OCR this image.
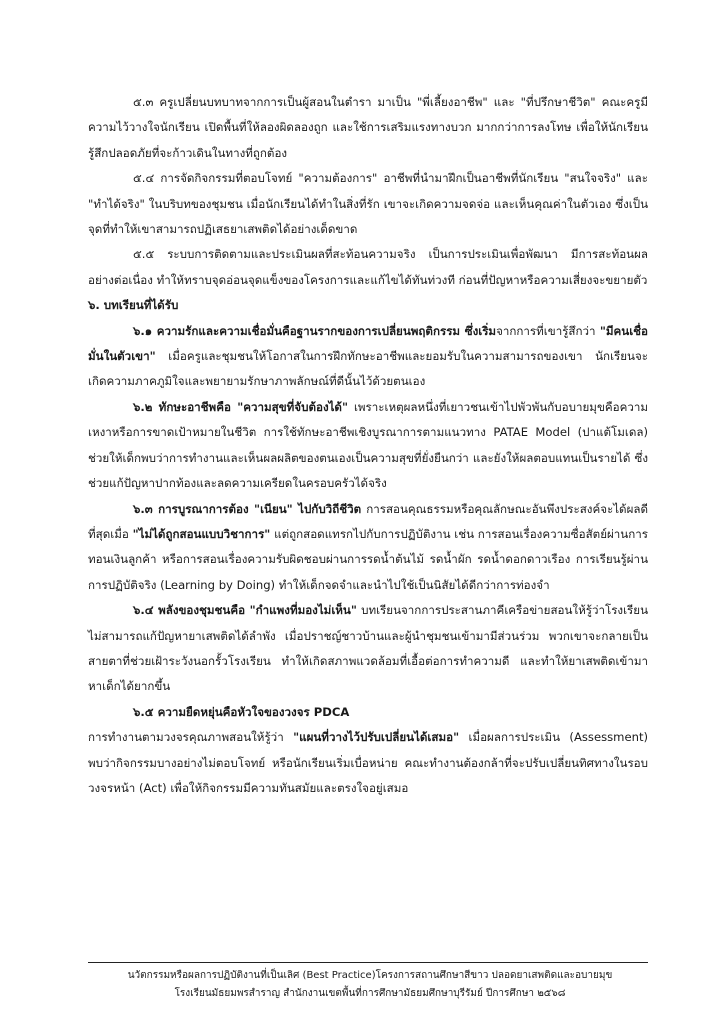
๕.๓ ครูเปลี่ยนบทบาทจากการเป็นผู้สอนในตำรา มาเป็น "พี่เลี้ยงอาชีพ" และ "ที่ปรึกษาชีวิต" คณะครูมีความไว้วางใจนักเรียน เปิดพื้นที่ให้ลองผิดลองถูก และใช้การเสริมแรงทางบวก มากกว่าการลงโทษ เพื่อให้นักเรียนรู้สึกปลอดภัยที่จะก้าวเดินในทางที่ถูกต้อง

๕.๔ การจัดกิจกรรมที่ตอบโจทย์ "ความต้องการ" อาชีพที่นำมาฝึกเป็นอาชีพที่นักเรียน "สนใจจริง" และ "ทำได้จริง" ในบริบทของชุมชน เมื่อนักเรียนได้ทำในสิ่งที่รัก เขาจะเกิดความจดจ่อ และเห็นคุณค่าในตัวเอง ซึ่งเป็นจุดที่ทำให้เขาสามารถปฏิเสธยาเสพติดได้อย่างเด็ดขาด

๕.๕ ระบบการติดตามและประเมินผลที่สะท้อนความจริง เป็นการประเมินเพื่อพัฒนา มีการสะท้อนผล อย่างต่อเนื่อง ทำให้ทราบจุดอ่อนจุดแข็งของโครงการและแก้ไขได้ทันท่วงที ก่อนที่ปัญหาหรือความเสี่ยงจะขยายตัว

๖. บทเรียนที่ได้รับ

๖.๑ ความรักและความเชื่อมั่นคือฐานรากของการเปลี่ยนพฤติกรรม ซึ่งเริ่มจากการที่เขารู้สึกว่า "มีคนเชื่อมั่นในตัวเขา" เมื่อครูและชุมชนให้โอกาสในการฝึกทักษะอาชีพและยอมรับในความสามารถของเขา นักเรียนจะเกิดความภาคภูมิใจและพยายามรักษาภาพลักษณ์ที่ดีนั้นไว้ด้วยตนเอง

๖.๒ ทักษะอาชีพคือ "ความสุขที่จับต้องได้" เพราะเหตุผลหนึ่งที่เยาวชนเข้าไปพัวพันกับอบายมุขคือความเหงาหรือการขาดเป้าหมายในชีวิต การใช้ทักษะอาชีพเชิงบูรณาการตามแนวทาง PATAE Model (ปาแต้โมเดล) ช่วยให้เด็กพบว่าการทำงานและเห็นผลผลิตของตนเองเป็นความสุขที่ยั่งยืนกว่า และยังให้ผลตอบแทนเป็นรายได้ ซึ่งช่วยแก้ปัญหาปากท้องและลดความเครียดในครอบครัวได้จริง

๖.๓ การบูรณาการต้อง "เนียน" ไปกับวิถีชีวิต การสอนคุณธรรมหรือคุณลักษณะอันพึงประสงค์จะได้ผลดีที่สุดเมื่อ "ไม่ได้ถูกสอนแบบวิชาการ" แต่ถูกสอดแทรกไปกับการปฏิบัติงาน เช่น การสอนเรื่องความซื่อสัตย์ผ่านการทอนเงินลูกค้า หรือการสอนเรื่องความรับผิดชอบผ่านการรดน้ำต้นไม้ รดน้ำผัก รดน้ำดอกดาวเรือง การเรียนรู้ผ่านการปฏิบัติจริง (Learning by Doing) ทำให้เด็กจดจำและนำไปใช้เป็นนิสัยได้ดีกว่าการท่องจำ

๖.๔ พลังของชุมชนคือ "กำแพงที่มองไม่เห็น" บทเรียนจากการประสานภาคีเครือข่ายสอนให้รู้ว่าโรงเรียนไม่สามารถแก้ปัญหายาเสพติดได้ลำพัง เมื่อปราชญ์ชาวบ้านและผู้นำชุมชนเข้ามามีส่วนร่วม พวกเขาจะกลายเป็นสายตาที่ช่วยเฝ้าระวังนอกรั้วโรงเรียน ทำให้เกิดสภาพแวดล้อมที่เอื้อต่อการทำความดี และทำให้ยาเสพติดเข้ามาหาเด็กได้ยากขึ้น

๖.๕ ความยืดหยุ่นคือหัวใจของวงจร PDCA

การทำงานตามวงจรคุณภาพสอนให้รู้ว่า "แผนที่วางไว้ปรับเปลี่ยนได้เสมอ" เมื่อผลการประเมิน (Assessment) พบว่ากิจกรรมบางอย่างไม่ตอบโจทย์ หรือนักเรียนเริ่มเบื่อหน่าย คณะทำงานต้องกล้าที่จะปรับเปลี่ยนทิศทางในรอบวงจรหน้า (Act) เพื่อให้กิจกรรมมีความทันสมัยและตรงใจอยู่เสมอ

นวัตกรรมหรือผลการปฏิบัติงานที่เป็นเลิศ (Best Practice)โครงการสถานศึกษาสีขาว ปลอดยาเสพติดและอบายมุข
โรงเรียนมัธยมพรสำราญ สำนักงานเขตพื้นที่การศึกษามัธยมศึกษาบุรีรัมย์ ปีการศึกษา ๒๕๖๘
